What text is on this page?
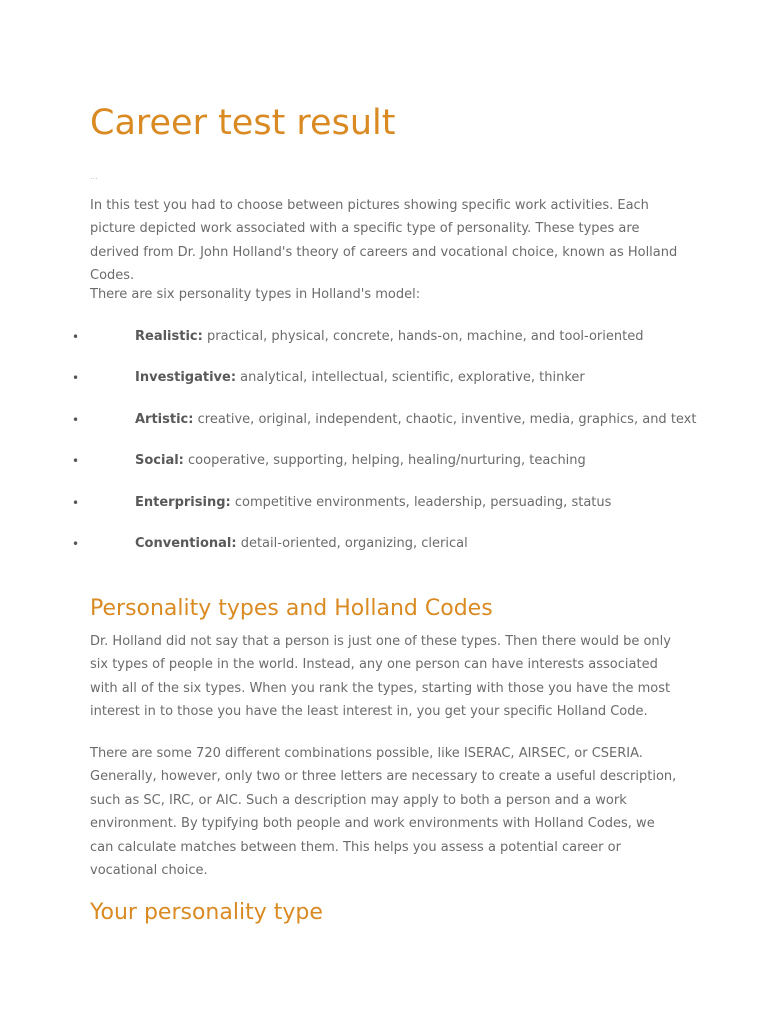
Career test result
...

In this test you had to choose between pictures showing specific work activities. Each picture depicted work associated with a specific type of personality. These types are derived from Dr. John Holland's theory of careers and vocational choice, known as Holland Codes.

There are six personality types in Holland's model:

•	Realistic: practical, physical, concrete, hands-on, machine, and tool-oriented
•	Investigative: analytical, intellectual, scientific, explorative, thinker
•	Artistic: creative, original, independent, chaotic, inventive, media, graphics, and text
•	Social: cooperative, supporting, helping, healing/nurturing, teaching
•	Enterprising: competitive environments, leadership, persuading, status
•	Conventional: detail-oriented, organizing, clerical
Personality types and Holland Codes

Dr. Holland did not say that a person is just one of these types. Then there would be only six types of people in the world. Instead, any one person can have interests associated with all of the six types. When you rank the types, starting with those you have the most interest in to those you have the least interest in, you get your specific Holland Code.

There are some 720 different combinations possible, like ISERAC, AIRSEC, or CSERIA. Generally, however, only two or three letters are necessary to create a useful description, such as SC, IRC, or AIC. Such a description may apply to both a person and a work environment. By typifying both people and work environments with Holland Codes, we can calculate matches between them. This helps you assess a potential career or vocational choice.

Your personality type
